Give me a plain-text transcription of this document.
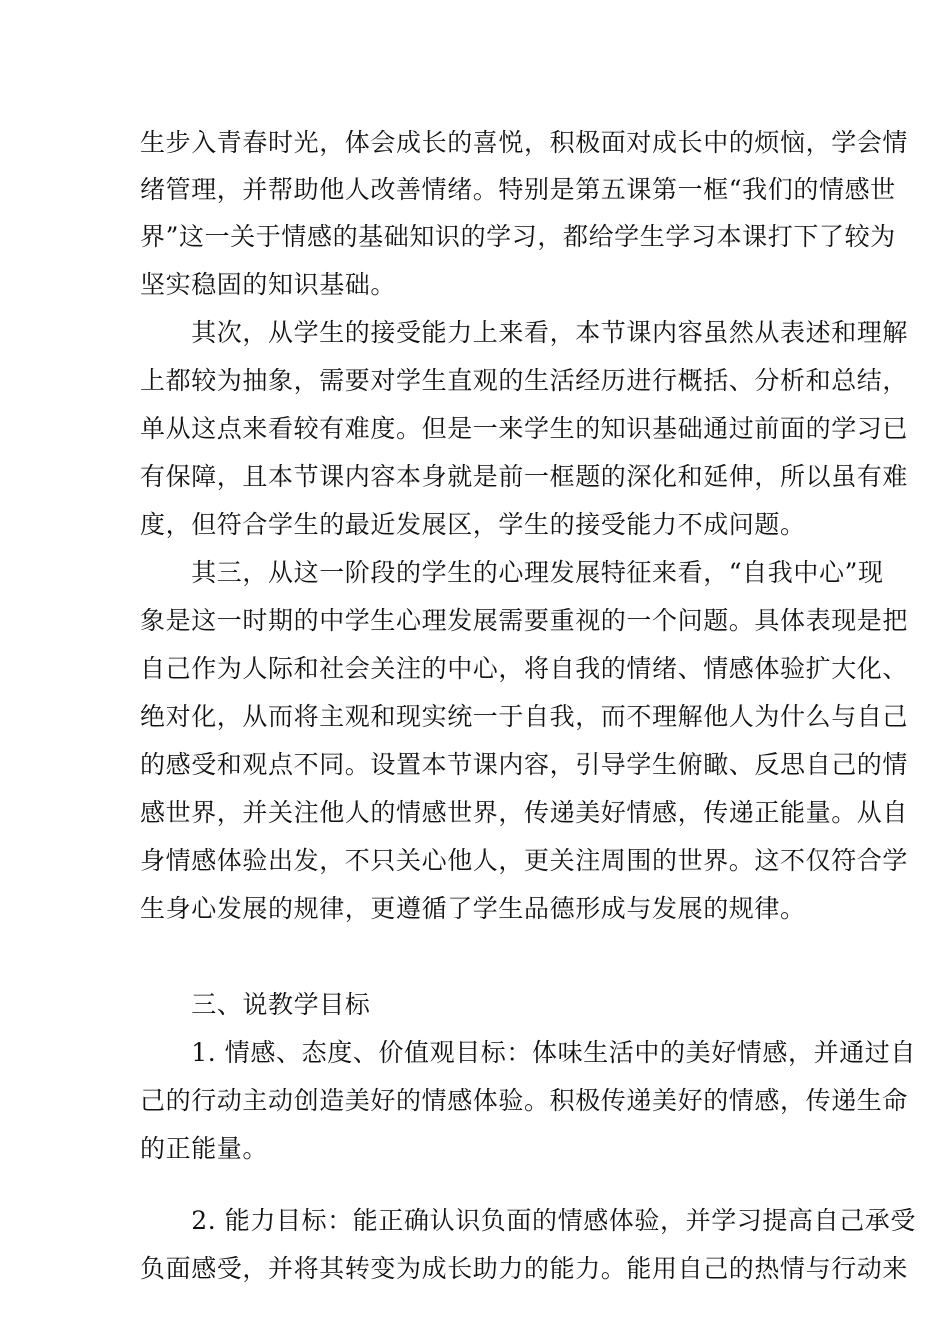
生步入青春时光，体会成长的喜悦，积极面对成长中的烦恼，学会情

绪管理，并帮助他人改善情绪。特别是第五课第一框“我们的情感世

界”这一关于情感的基础知识的学习，都给学生学习本课打下了较为

坚实稳固的知识基础。

　　其次，从学生的接受能力上来看，本节课内容虽然从表述和理解

上都较为抽象，需要对学生直观的生活经历进行概括、分析和总结，

单从这点来看较有难度。但是一来学生的知识基础通过前面的学习已

有保障，且本节课内容本身就是前一框题的深化和延伸，所以虽有难

度，但符合学生的最近发展区，学生的接受能力不成问题。

　　其三，从这一阶段的学生的心理发展特征来看，“自我中心”现

象是这一时期的中学生心理发展需要重视的一个问题。具体表现是把

自己作为人际和社会关注的中心，将自我的情绪、情感体验扩大化、

绝对化，从而将主观和现实统一于自我，而不理解他人为什么与自己

的感受和观点不同。设置本节课内容，引导学生俯瞰、反思自己的情

感世界，并关注他人的情感世界，传递美好情感，传递正能量。从自

身情感体验出发，不只关心他人，更关注周围的世界。这不仅符合学

生身心发展的规律，更遵循了学生品德形成与发展的规律。

　　三、说教学目标

　　1. 情感、态度、价值观目标：体味生活中的美好情感，并通过自

己的行动主动创造美好的情感体验。积极传递美好的情感，传递生命

的正能量。

　　2. 能力目标：能正确认识负面的情感体验，并学习提高自己承受

负面感受，并将其转变为成长助力的能力。能用自己的热情与行动来
